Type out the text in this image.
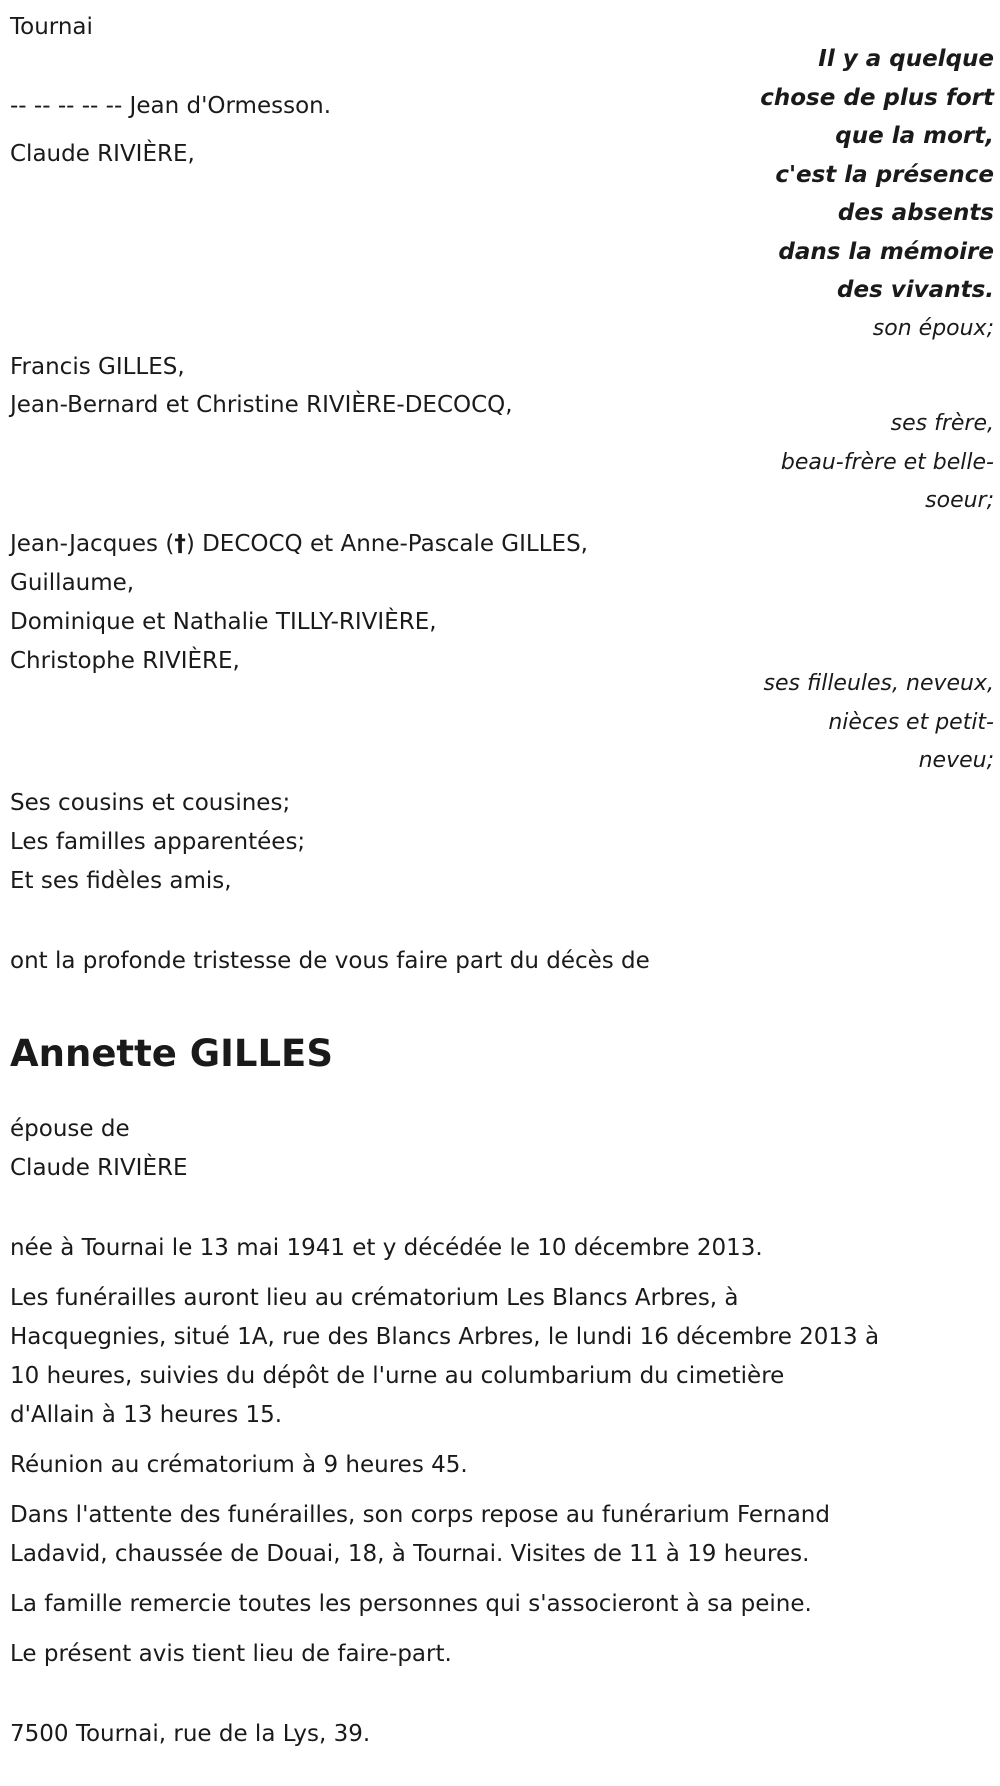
Tournai

Il y a quelque
chose de plus fort
que la mort,
c'est la présence
des absents
dans la mémoire
des vivants.

-- -- -- -- -- Jean d'Ormesson.

Claude RIVIÈRE,

son époux;

Francis GILLES,

Jean-Bernard et Christine RIVIÈRE-DECOCQ,

ses frère,
beau-frère et belle-
soeur;

Jean-Jacques (†) DECOCQ et Anne-Pascale GILLES,

Guillaume,

Dominique et Nathalie TILLY-RIVIÈRE,

Christophe RIVIÈRE,

ses filleules, neveux,
nièces et petit-
neveu;

Ses cousins et cousines;

Les familles apparentées;

Et ses fidèles amis,

ont la profonde tristesse de vous faire part du décès de

Annette GILLES

épouse de

Claude RIVIÈRE

née à Tournai le 13 mai 1941 et y décédée le 10 décembre 2013.

Les funérailles auront lieu au crématorium Les Blancs Arbres, à

Hacquegnies, situé 1A, rue des Blancs Arbres, le lundi 16 décembre 2013 à

10 heures, suivies du dépôt de l'urne au columbarium du cimetière

d'Allain à 13 heures 15.

Réunion au crématorium à 9 heures 45.

Dans l'attente des funérailles, son corps repose au funérarium Fernand

Ladavid, chaussée de Douai, 18, à Tournai. Visites de 11 à 19 heures.

La famille remercie toutes les personnes qui s'associeront à sa peine.

Le présent avis tient lieu de faire-part.

7500 Tournai, rue de la Lys, 39.
